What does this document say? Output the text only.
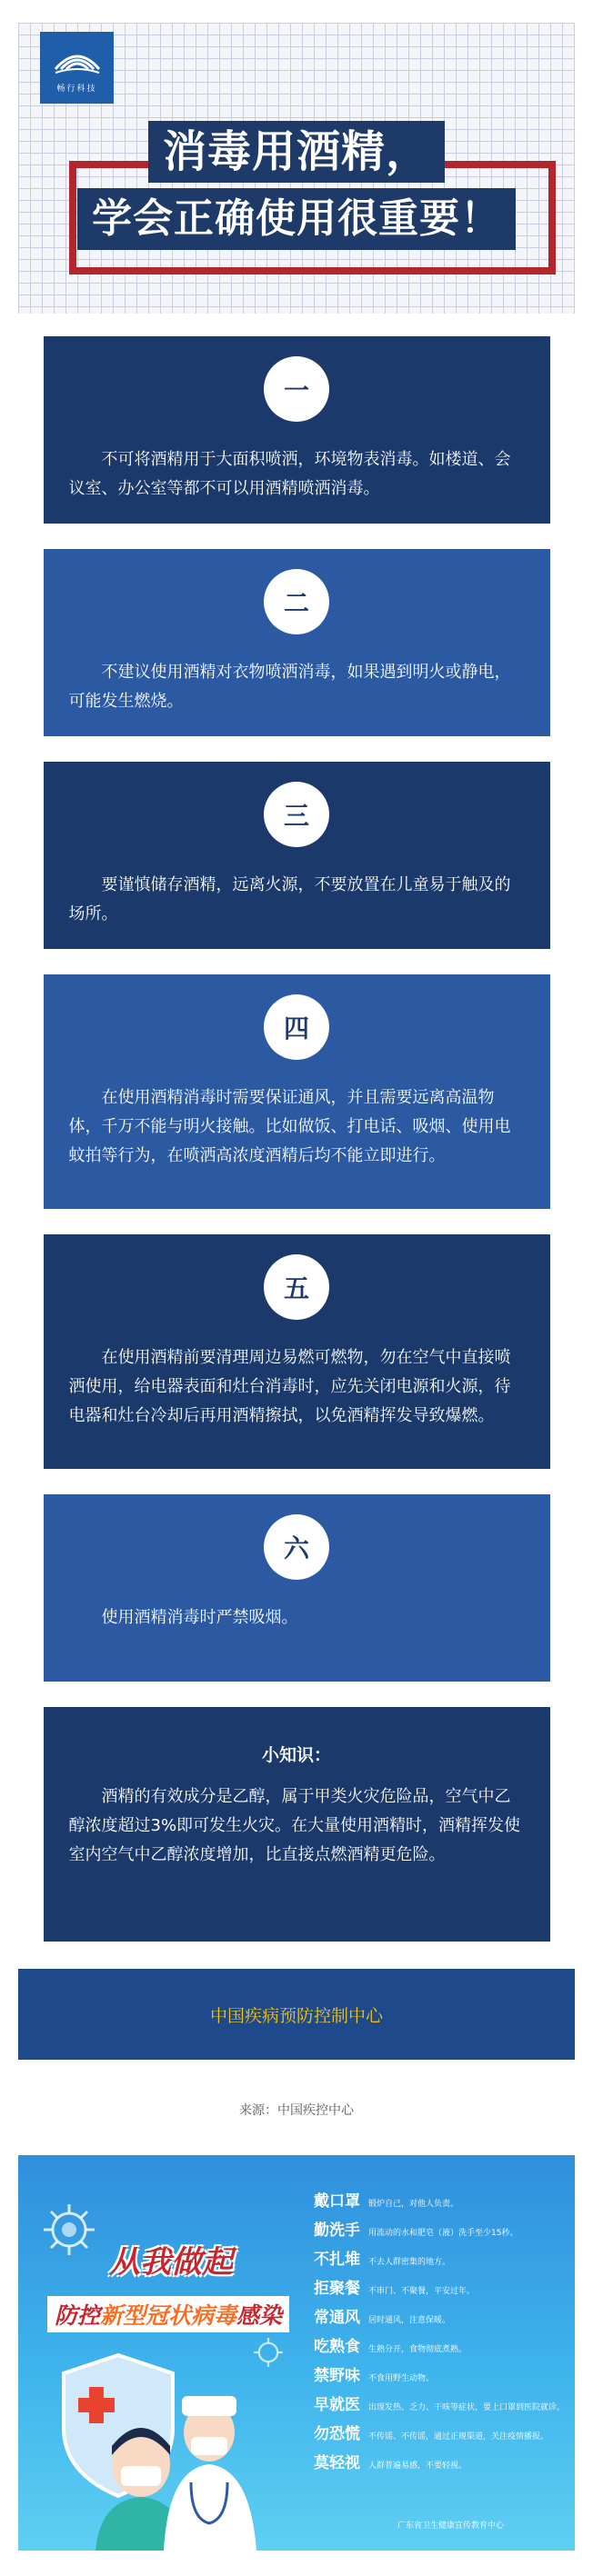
畅行科技
消毒用酒精，
学会正确使用很重要！
一
不可将酒精用于大面积喷洒，环境物表消毒。如楼道、会议室、办公室等都不可以用酒精喷洒消毒。
二
不建议使用酒精对衣物喷洒消毒，如果遇到明火或静电，可能发生燃烧。
三
要谨慎储存酒精，远离火源，不要放置在儿童易于触及的场所。
四
在使用酒精消毒时需要保证通风，并且需要远离高温物体，千万不能与明火接触。比如做饭、打电话、吸烟、使用电蚊拍等行为，在喷洒高浓度酒精后均不能立即进行。
五
在使用酒精前要清理周边易燃可燃物，勿在空气中直接喷洒使用，给电器表面和灶台消毒时，应先关闭电源和火源，待电器和灶台冷却后再用酒精擦拭，以免酒精挥发导致爆燃。
六
使用酒精消毒时严禁吸烟。
小知识：
酒精的有效成分是乙醇，属于甲类火灾危险品，空气中乙醇浓度超过3%即可发生火灾。在大量使用酒精时，酒精挥发使室内空气中乙醇浓度增加，比直接点燃酒精更危险。
中国疾病预防控制中心
来源：中国疾控中心
从我做起
防控新型冠状病毒感染
戴口罩	锻炉自己，对他人负责。
勤洗手	用流动的水和肥皂（液）洗手至少15秒。
不扎堆	不去人群密集的地方。
拒聚餐	不串门、不聚餐，平安过年。
常通风	居时通风，注意保暖。
吃熟食	生熟分开，食物彻底煮熟。
禁野味	不食用野生动物。
早就医	出现发热、乏力、干咳等症状，要上口罩到医院就诊。
勿恐慌	不传谣、不传谣，通过正规渠道，关注疫情播报。
莫轻视	人群普遍易感，不要轻视。
广东省卫生健康宣传教育中心
